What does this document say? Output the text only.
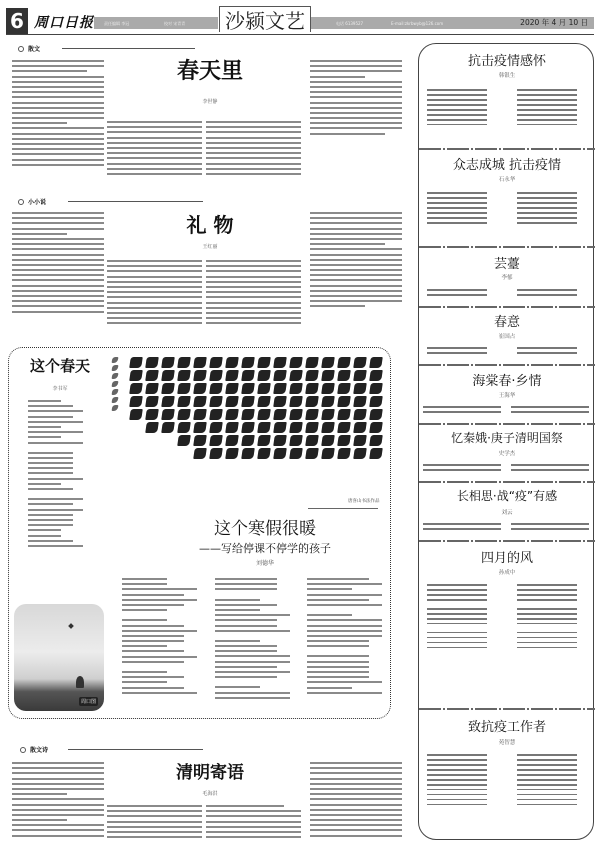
6 周口日报	责任编辑 李冠	校对 宋青青	沙颍文艺	电话 6139527	E-mail:zkrbwyb@126.com	2020 年 4 月 10 日
散文
春天里
李世静
小小说
礼 物
王红丽
这个春天
李书军
唐喜山书法作品
这个寒假很暖
——写给停课不停学的孩子
刘德华
周口图
散文诗
清明寄语
毛海洪
抗击疫情感怀
韩银生
众志成城 抗击疫情
石永华
芸薹
李郁
春意
崔国占
海棠春·乡情
王海华
忆秦娥·庚子清明国祭
史学杰
长相思·战“疫”有感
刘云
四月的风
孙成中
致抗疫工作者
苑智慧
